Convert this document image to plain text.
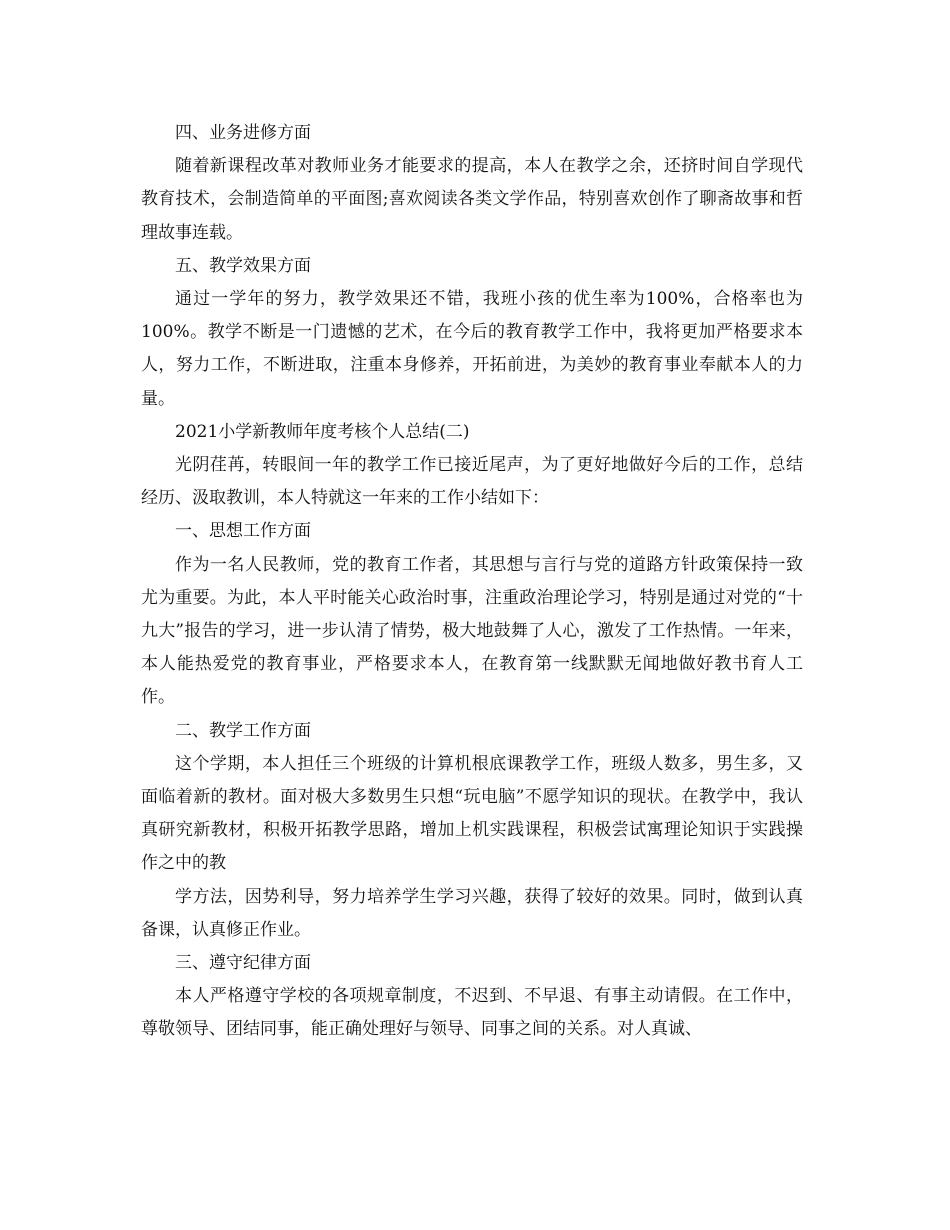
四、业务进修方面

随着新课程改革对教师业务才能要求的提高，本人在教学之余，还挤时间自学现代教育技术，会制造简单的平面图;喜欢阅读各类文学作品，特别喜欢创作了聊斋故事和哲理故事连载。

五、教学效果方面

通过一学年的努力，教学效果还不错，我班小孩的优生率为100%，合格率也为100%。教学不断是一门遗憾的艺术，在今后的教育教学工作中，我将更加严格要求本人，努力工作，不断进取，注重本身修养，开拓前进，为美妙的教育事业奉献本人的力量。

2021小学新教师年度考核个人总结(二)

光阴荏苒，转眼间一年的教学工作已接近尾声，为了更好地做好今后的工作，总结经历、汲取教训，本人特就这一年来的工作小结如下：

一、思想工作方面

作为一名人民教师，党的教育工作者，其思想与言行与党的道路方针政策保持一致尤为重要。为此，本人平时能关心政治时事，注重政治理论学习，特别是通过对党的“十九大”报告的学习，进一步认清了情势，极大地鼓舞了人心，激发了工作热情。一年来，本人能热爱党的教育事业，严格要求本人，在教育第一线默默无闻地做好教书育人工作。

二、教学工作方面

这个学期，本人担任三个班级的计算机根底课教学工作，班级人数多，男生多，又面临着新的教材。面对极大多数男生只想“玩电脑”不愿学知识的现状。在教学中，我认真研究新教材，积极开拓教学思路，增加上机实践课程，积极尝试寓理论知识于实践操作之中的教

学方法，因势利导，努力培养学生学习兴趣，获得了较好的效果。同时，做到认真备课，认真修正作业。

三、遵守纪律方面

本人严格遵守学校的各项规章制度，不迟到、不早退、有事主动请假。在工作中，尊敬领导、团结同事，能正确处理好与领导、同事之间的关系。对人真诚、
